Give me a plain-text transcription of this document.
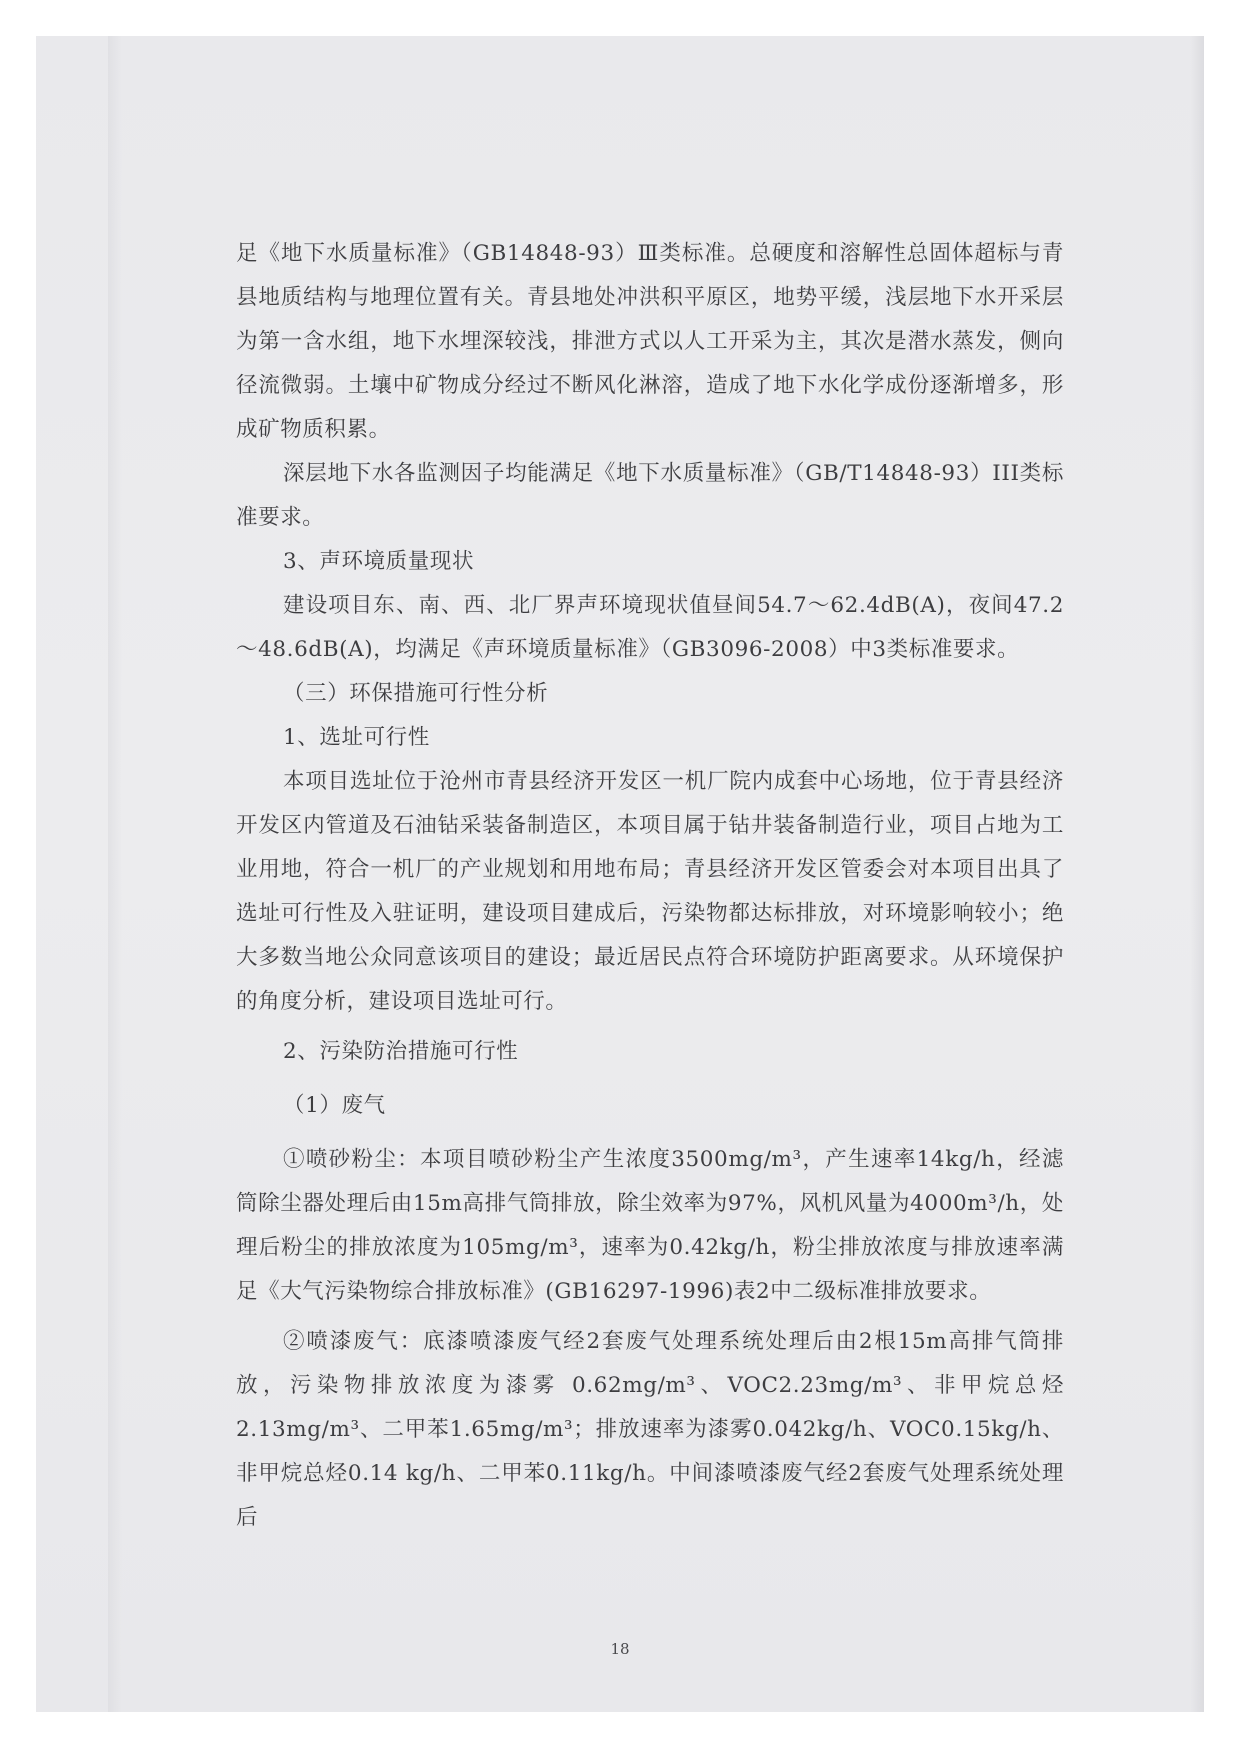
足《地下水质量标准》（GB14848-93）Ⅲ类标准。总硬度和溶解性总固体超标与青县地质结构与地理位置有关。青县地处冲洪积平原区，地势平缓，浅层地下水开采层为第一含水组，地下水埋深较浅，排泄方式以人工开采为主，其次是潜水蒸发，侧向径流微弱。土壤中矿物成分经过不断风化淋溶，造成了地下水化学成份逐渐增多，形成矿物质积累。

深层地下水各监测因子均能满足《地下水质量标准》（GB/T14848-93）III类标准要求。

3、声环境质量现状

建设项目东、南、西、北厂界声环境现状值昼间54.7～62.4dB(A)，夜间47.2～48.6dB(A)，均满足《声环境质量标准》（GB3096-2008）中3类标准要求。

（三）环保措施可行性分析

1、选址可行性

本项目选址位于沧州市青县经济开发区一机厂院内成套中心场地，位于青县经济开发区内管道及石油钻采装备制造区，本项目属于钻井装备制造行业，项目占地为工业用地，符合一机厂的产业规划和用地布局；青县经济开发区管委会对本项目出具了选址可行性及入驻证明，建设项目建成后，污染物都达标排放，对环境影响较小；绝大多数当地公众同意该项目的建设；最近居民点符合环境防护距离要求。从环境保护的角度分析，建设项目选址可行。

2、污染防治措施可行性

（1）废气

①喷砂粉尘：本项目喷砂粉尘产生浓度3500mg/m³，产生速率14kg/h，经滤筒除尘器处理后由15m高排气筒排放，除尘效率为97%，风机风量为4000m³/h，处理后粉尘的排放浓度为105mg/m³，速率为0.42kg/h，粉尘排放浓度与排放速率满足《大气污染物综合排放标准》(GB16297-1996)表2中二级标准排放要求。

②喷漆废气：底漆喷漆废气经2套废气处理系统处理后由2根15m高排气筒排放，污染物排放浓度为漆雾 0.62mg/m³、VOC2.23mg/m³、非甲烷总烃2.13mg/m³、二甲苯1.65mg/m³；排放速率为漆雾0.042kg/h、VOC0.15kg/h、非甲烷总烃0.14 kg/h、二甲苯0.11kg/h。中间漆喷漆废气经2套废气处理系统处理后

18
